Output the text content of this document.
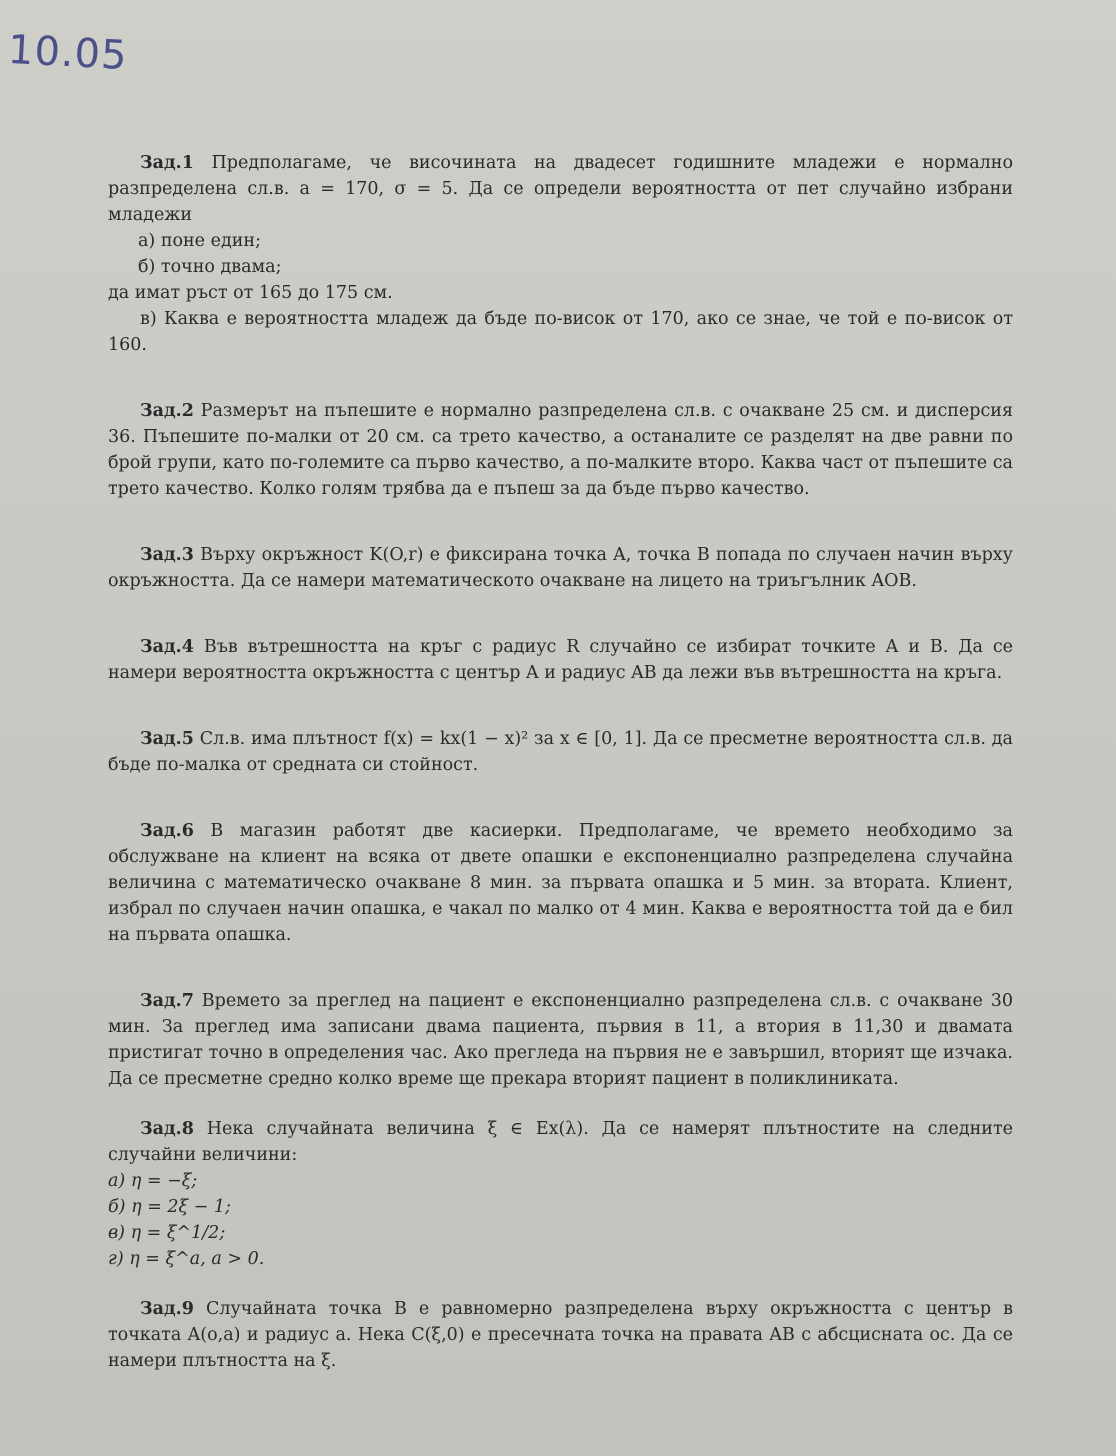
10.05

Зад.1 Предполагаме, че височината на двадесет годишните младежи е нормално разпределена сл.в. a = 170, σ = 5. Да се определи вероятността от пет случайно избрани младежи

а) поне един;

б) точно двама;

да имат ръст от 165 до 175 см.

в) Каква е вероятността младеж да бъде по-висок от 170, ако се знае, че той е по-висок от 160.

Зад.2 Размерът на пъпешите е нормално разпределена сл.в. с очакване 25 см. и дисперсия 36. Пъпешите по-малки от 20 см. са трето качество, а останалите се разделят на две равни по брой групи, като по-големите са първо качество, а по-малките второ. Каква част от пъпешите са трето качество. Колко голям трябва да е пъпеш за да бъде първо качество.

Зад.3 Върху окръжност K(O,r) е фиксирана точка A, точка B попада по случаен начин върху окръжността. Да се намери математическото очакване на лицето на триъгълник AOB.

Зад.4 Във вътрешността на кръг с радиус R случайно се избират точките A и B. Да се намери вероятността окръжността с център A и радиус AB да лежи във вътрешността на кръга.

Зад.5 Сл.в. има плътност f(x) = kx(1 − x)² за x ∈ [0, 1]. Да се пресметне вероятността сл.в. да бъде по-малка от средната си стойност.

Зад.6 В магазин работят две касиерки. Предполагаме, че времето необходимо за обслужване на клиент на всяка от двете опашки е експоненциално разпределена случайна величина с математическо очакване 8 мин. за първата опашка и 5 мин. за втората. Клиент, избрал по случаен начин опашка, е чакал по малко от 4 мин. Каква е вероятността той да е бил на първата опашка.

Зад.7 Времето за преглед на пациент е експоненциално разпределена сл.в. с очакване 30 мин. За преглед има записани двама пациента, първия в 11, а втория в 11,30 и двамата пристигат точно в определения час. Ако прегледа на първия не е завършил, вторият ще изчака. Да се пресметне средно колко време ще прекара вторият пациент в поликлиниката.

Зад.8 Нека случайната величина ξ ∈ Ex(λ). Да се намерят плътностите на следните случайни величини:

а) η = −ξ;

б) η = 2ξ − 1;

в) η = ξ^1/2;

г) η = ξ^a, a > 0.

Зад.9 Случайната точка B е равномерно разпределена върху окръжността с център в точката A(o,a) и радиус a. Нека C(ξ,0) е пресечната точка на правата AB с абсцисната ос. Да се намери плътността на ξ.
